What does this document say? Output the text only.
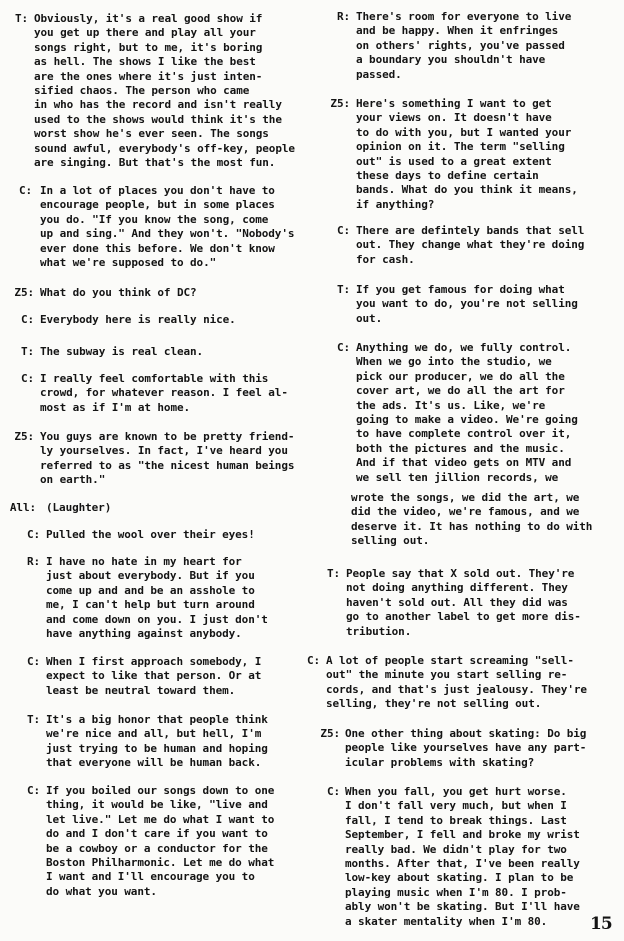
T: Obviously, it's a real good show if
you get up there and play all your
songs right, but to me, it's boring
as hell. The shows I like the best
are the ones where it's just inten-
sified chaos. The person who came
in who has the record and isn't really
used to the shows would think it's the
worst show he's ever seen. The songs
sound awful, everybody's off-key, people
are singing. But that's the most fun.
C: In a lot of places you don't have to
encourage people, but in some places
you do. "If you know the song, come
up and sing." And they won't. "Nobody's
ever done this before. We don't know
what we're supposed to do."
Z5: What do you think of DC?
C: Everybody here is really nice.
T: The subway is real clean.
C: I really feel comfortable with this
crowd, for whatever reason. I feel al-
most as if I'm at home.
Z5: You guys are known to be pretty friend-
ly yourselves. In fact, I've heard you
referred to as "the nicest human beings
on earth."
All: (Laughter)
C: Pulled the wool over their eyes!
R: I have no hate in my heart for
just about everybody. But if you
come up and and be an asshole to
me, I can't help but turn around
and come down on you. I just don't
have anything against anybody.
C: When I first approach somebody, I
expect to like that person. Or at
least be neutral toward them.
T: It's a big honor that people think
we're nice and all, but hell, I'm
just trying to be human and hoping
that everyone will be human back.
C: If you boiled our songs down to one
thing, it would be like, "live and
let live." Let me do what I want to
do and I don't care if you want to
be a cowboy or a conductor for the
Boston Philharmonic. Let me do what
I want and I'll encourage you to
do what you want.
R: There's room for everyone to live
and be happy. When it enfringes
on others' rights, you've passed
a boundary you shouldn't have
passed.
Z5: Here's something I want to get
your views on. It doesn't have
to do with you, but I wanted your
opinion on it. The term "selling
out" is used to a great extent
these days to define certain
bands. What do you think it means,
if anything?
C: There are defintely bands that sell
out. They change what they're doing
for cash.
T: If you get famous for doing what
you want to do, you're not selling
out.
C: Anything we do, we fully control.
When we go into the studio, we
pick our producer, we do all the
cover art, we do all the art for
the ads. It's us. Like, we're
going to make a video. We're going
to have complete control over it,
both the pictures and the music.
And if that video gets on MTV and
we sell ten jillion records, we
wrote the songs, we did the art, we
did the video, we're famous, and we
deserve it. It has nothing to do with
selling out.
T: People say that X sold out. They're
not doing anything different. They
haven't sold out. All they did was
go to another label to get more dis-
tribution.
C: A lot of people start screaming "sell-
out" the minute you start selling re-
cords, and that's just jealousy. They're
selling, they're not selling out.
Z5: One other thing about skating: Do big
people like yourselves have any part-
icular problems with skating?
C: When you fall, you get hurt worse.
I don't fall very much, but when I
fall, I tend to break things. Last
September, I fell and broke my wrist
really bad. We didn't play for two
months. After that, I've been really
low-key about skating. I plan to be
playing music when I'm 80. I prob-
ably won't be skating. But I'll have
a skater mentality when I'm 80.	15
